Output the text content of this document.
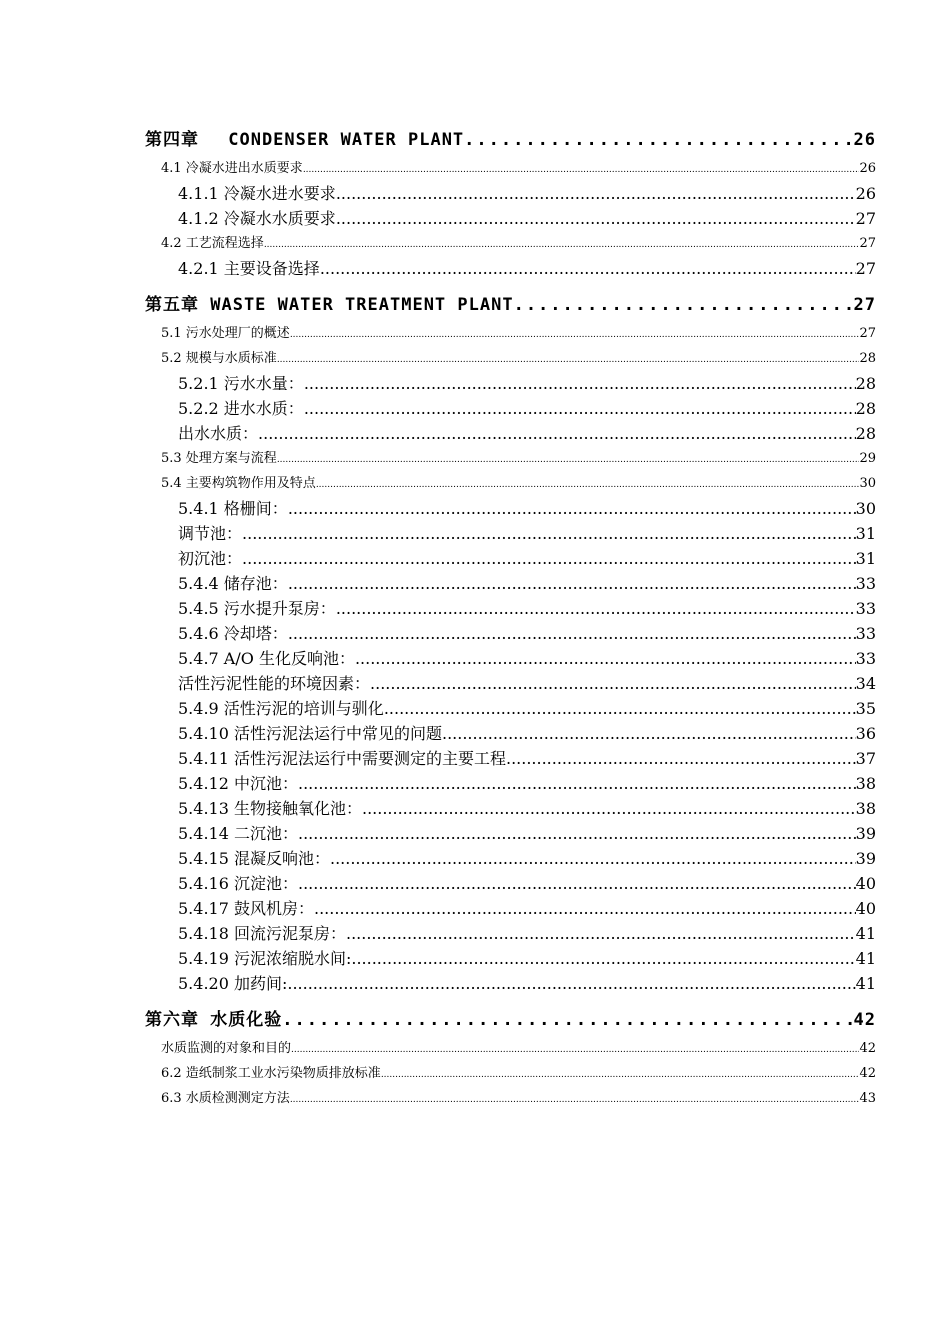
第四章　 CONDENSER WATER PLANT .....	26
4.1 冷凝水进出水质要求 .....	26
4.1.1 冷凝水进水要求 .....	26
4.1.2 冷凝水水质要求 .....	27
4.2 工艺流程选择 .....	27
4.2.1 主要设备选择 .....	27
第五章 WASTE WATER TREATMENT PLANT .....	27
5.1 污水处理厂的概述 .....	27
5.2 规模与水质标准 .....	28
5.2.1 污水水量： .....	28
5.2.2 进水水质： .....	28
出水水质： .....	28
5.3 处理方案与流程 .....	29
5.4 主要构筑物作用及特点 .....	30
5.4.1 格栅间： .....	30
调节池： .....	31
初沉池： .....	31
5.4.4 储存池： .....	33
5.4.5 污水提升泵房： .....	33
5.4.6 冷却塔： .....	33
5.4.7 A/O 生化反响池： .....	33
活性污泥性能的环境因素： .....	34
5.4.9 活性污泥的培训与驯化 .....	35
5.4.10 活性污泥法运行中常见的问题 .....	36
5.4.11 活性污泥法运行中需要测定的主要工程 .....	37
5.4.12 中沉池： .....	38
5.4.13 生物接触氧化池： .....	38
5.4.14 二沉池： .....	39
5.4.15 混凝反响池： .....	39
5.4.16 沉淀池： .....	40
5.4.17 鼓风机房： .....	40
5.4.18 回流污泥泵房： .....	41
5.4.19 污泥浓缩脱水间: .....	41
5.4.20 加药间: .....	41
第六章 水质化验 .....	42
水质监测的对象和目的 .....	42
6.2 造纸制浆工业水污染物质排放标准 .....	42
6.3 水质检测测定方法 .....	43
